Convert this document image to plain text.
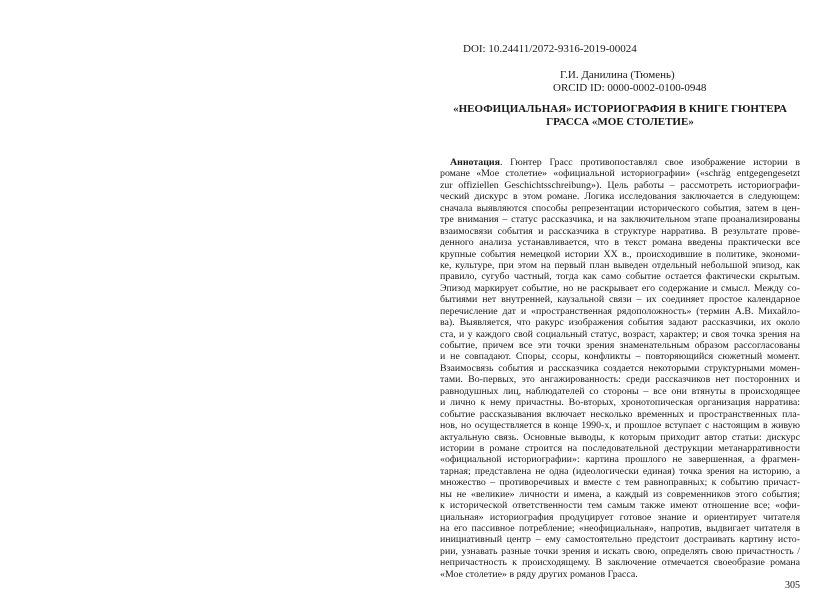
DOI: 10.24411/2072-9316-2019-00024
Г.И. Данилина (Тюмень)
ORCID ID: 0000-0002-0100-0948
«НЕОФИЦИАЛЬНАЯ» ИСТОРИОГРАФИЯ В КНИГЕ ГЮНТЕРА
ГРАССА «МОЕ СТОЛЕТИЕ»
Аннотация. Гюнтер Грасс противопоставлял свое изображение истории в
романе «Мое столетие» «официальной историографии» («schräg entgegengesetzt
zur offiziellen Geschichtsschreibung»). Цель работы – рассмотреть историографи-
ческий дискурс в этом романе. Логика исследования заключается в следующем:
сначала выявляются способы репрезентации исторического события, затем в цен-
тре внимания – статус рассказчика, и на заключительном этапе проанализированы
взаимосвязи события и рассказчика в структуре нарратива. В результате прове-
денного анализа устанавливается, что в текст романа введены практически все
крупные события немецкой истории ХХ в., происходившие в политике, экономи-
ке, культуре, при этом на первый план выведен отдельный небольшой эпизод, как
правило, сугубо частный, тогда как само событие остается фактически скрытым.
Эпизод маркирует событие, но не раскрывает его содержание и смысл. Между со-
бытиями нет внутренней, каузальной связи – их соединяет простое календарное
перечисление дат и «пространственная рядоположность» (термин А.В. Михайло-
ва). Выявляется, что ракурс изображения события задают рассказчики, их около
ста, и у каждого свой социальный статус, возраст, характер; и своя точка зрения на
событие, причем все эти точки зрения знаменательным образом рассогласованы
и не совпадают. Споры, ссоры, конфликты – повторяющийся сюжетный момент.
Взаимосвязь события и рассказчика создается некоторыми структурными момен-
тами. Во-первых, это ангажированность: среди рассказчиков нет посторонних и
равнодушных лиц, наблюдателей со стороны – все они втянуты в происходящее
и лично к нему причастны. Во-вторых, хронотопическая организация нарратива:
событие рассказывания включает несколько временных и пространственных пла-
нов, но осуществляется в конце 1990-х, и прошлое вступает с настоящим в живую
актуальную связь. Основные выводы, к которым приходит автор статьи: дискурс
истории в романе строится на последовательной деструкции метанарративности
«официальной историографии»: картина прошлого не завершенная, а фрагмен-
тарная; представлена не одна (идеологически единая) точка зрения на историю, а
множество – противоречивых и вместе с тем равноправных; к событию причаст-
ны не «великие» личности и имена, а каждый из современников этого события;
к исторической ответственности тем самым также имеют отношение все; «офи-
циальная» историография продуцирует готовое знание и ориентирует читателя
на его пассивное потребление; «неофициальная», напротив, выдвигает читателя в
инициативный центр – ему самостоятельно предстоит достраивать картину исто-
рии, узнавать разные точки зрения и искать свою, определять свою причастность /
непричастность к происходящему. В заключение отмечается своеобразие романа
«Мое столетие» в ряду других романов Грасса.
305
